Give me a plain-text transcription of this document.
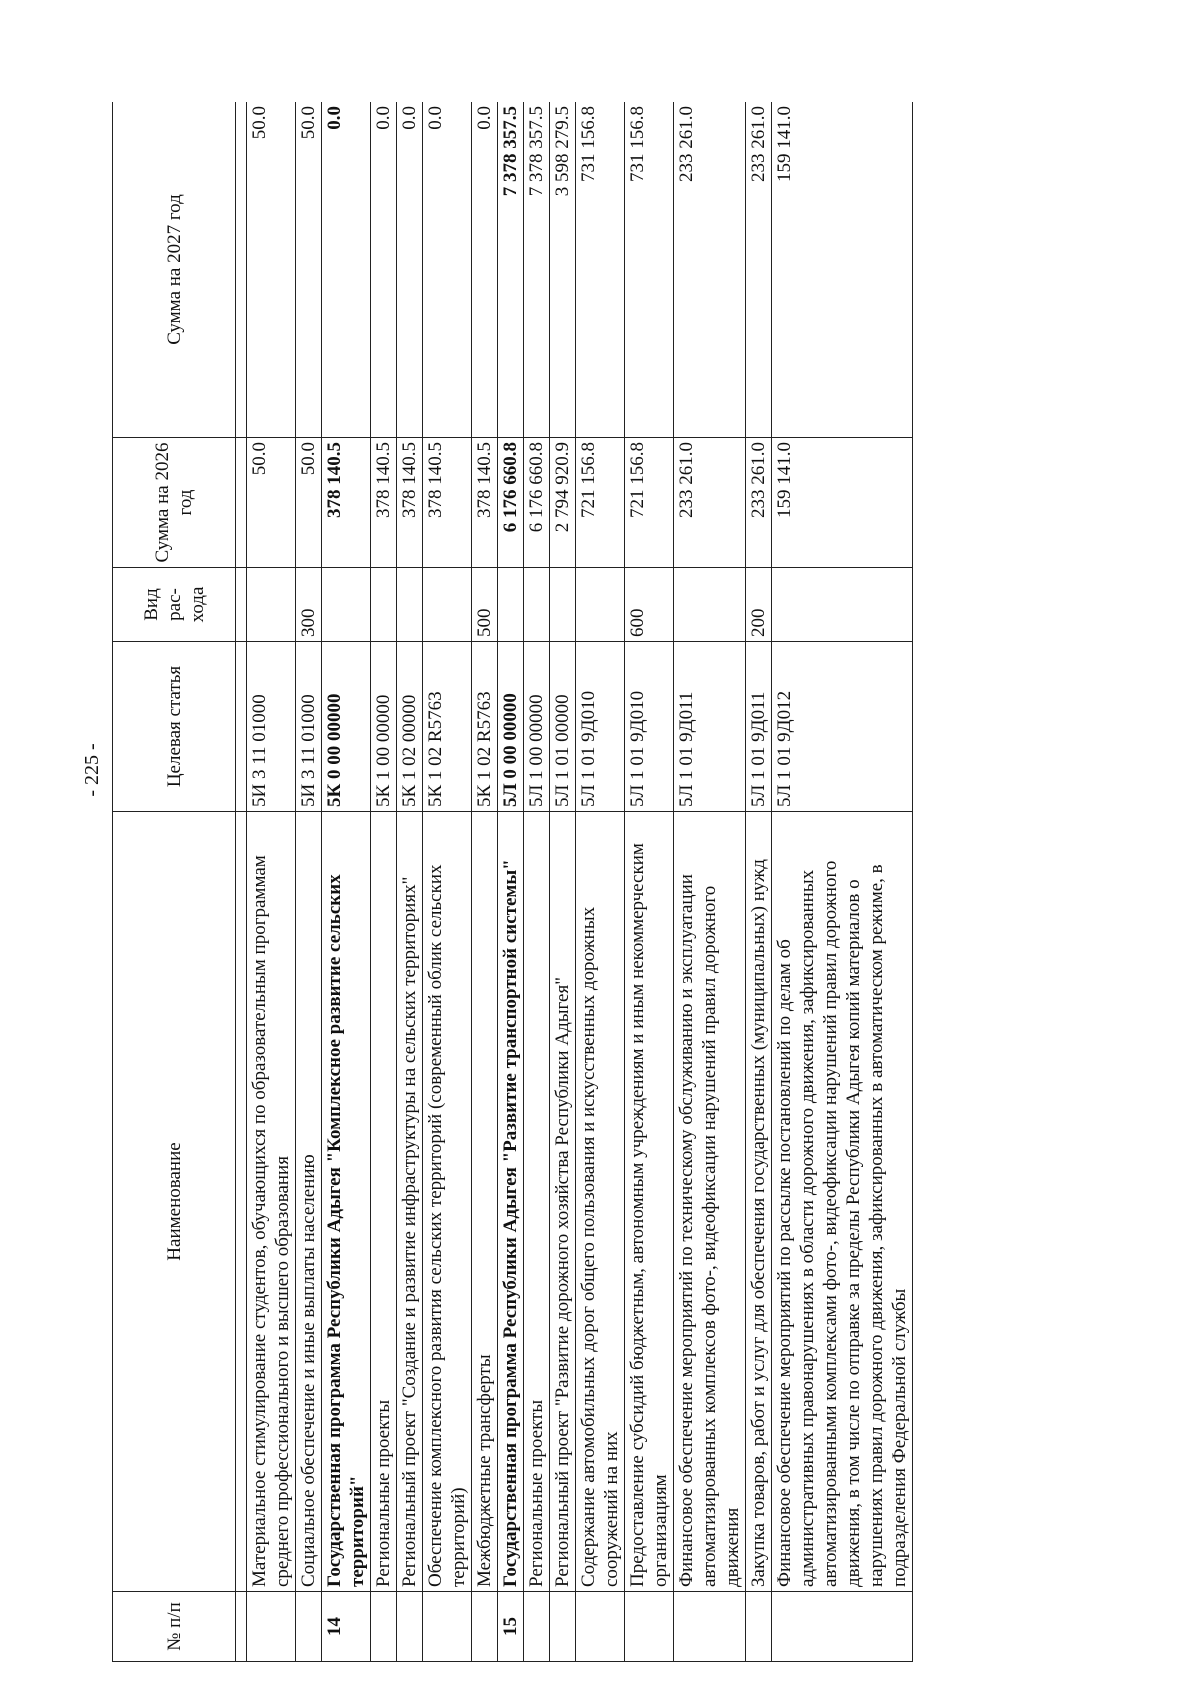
- 225 -
№ п/п	Наименование	Целевая статья	Вид рас- хода	Сумма на 2026 год	Сумма на 2027 год

	Материальное стимулирование студентов, обучающихся по образовательным программам среднего профессионального и высшего образования	5И 3 11 01000		50.0	50.0
	Социальное обеспечение и иные выплаты населению	5И 3 11 01000	300	50.0	50.0
14	Государственная программа Республики Адыгея "Комплексное развитие сельских территорий"	5К 0 00 00000		378 140.5	0.0
	Региональные проекты	5К 1 00 00000		378 140.5	0.0
	Региональный проект "Создание и развитие инфраструктуры на сельских территориях"	5К 1 02 00000		378 140.5	0.0
	Обеспечение комплексного развития сельских территорий (современный облик сельских территорий)	5К 1 02 R5763		378 140.5	0.0
	Межбюджетные трансферты	5К 1 02 R5763	500	378 140.5	0.0
15	Государственная программа Республики Адыгея "Развитие транспортной системы"	5Л 0 00 00000		6 176 660.8	7 378 357.5
	Региональные проекты	5Л 1 00 00000		6 176 660.8	7 378 357.5
	Региональный проект "Развитие дорожного хозяйства Республики Адыгея"	5Л 1 01 00000		2 794 920.9	3 598 279.5
	Содержание автомобильных дорог общего пользования и искусственных дорожных сооружений на них	5Л 1 01 9Д010		721 156.8	731 156.8
	Предоставление субсидий бюджетным, автономным учреждениям и иным некоммерческим организациям	5Л 1 01 9Д010	600	721 156.8	731 156.8
	Финансовое обеспечение мероприятий по техническому обслуживанию и эксплуатации автоматизированных комплексов фото-, видеофиксации нарушений правил дорожного движения	5Л 1 01 9Д011		233 261.0	233 261.0
	Закупка товаров, работ и услуг для обеспечения государственных (муниципальных) нужд	5Л 1 01 9Д011	200	233 261.0	233 261.0
	Финансовое обеспечение мероприятий по рассылке постановлений по делам об административных правонарушениях в области дорожного движения, зафиксированных автоматизированными комплексами фото-, видеофиксации нарушений правил дорожного движения, в том числе по отправке за пределы Республики Адыгея копий материалов о нарушениях правил дорожного движения, зафиксированных в автоматическом режиме, в подразделения Федеральной службы	5Л 1 01 9Д012		159 141.0	159 141.0
